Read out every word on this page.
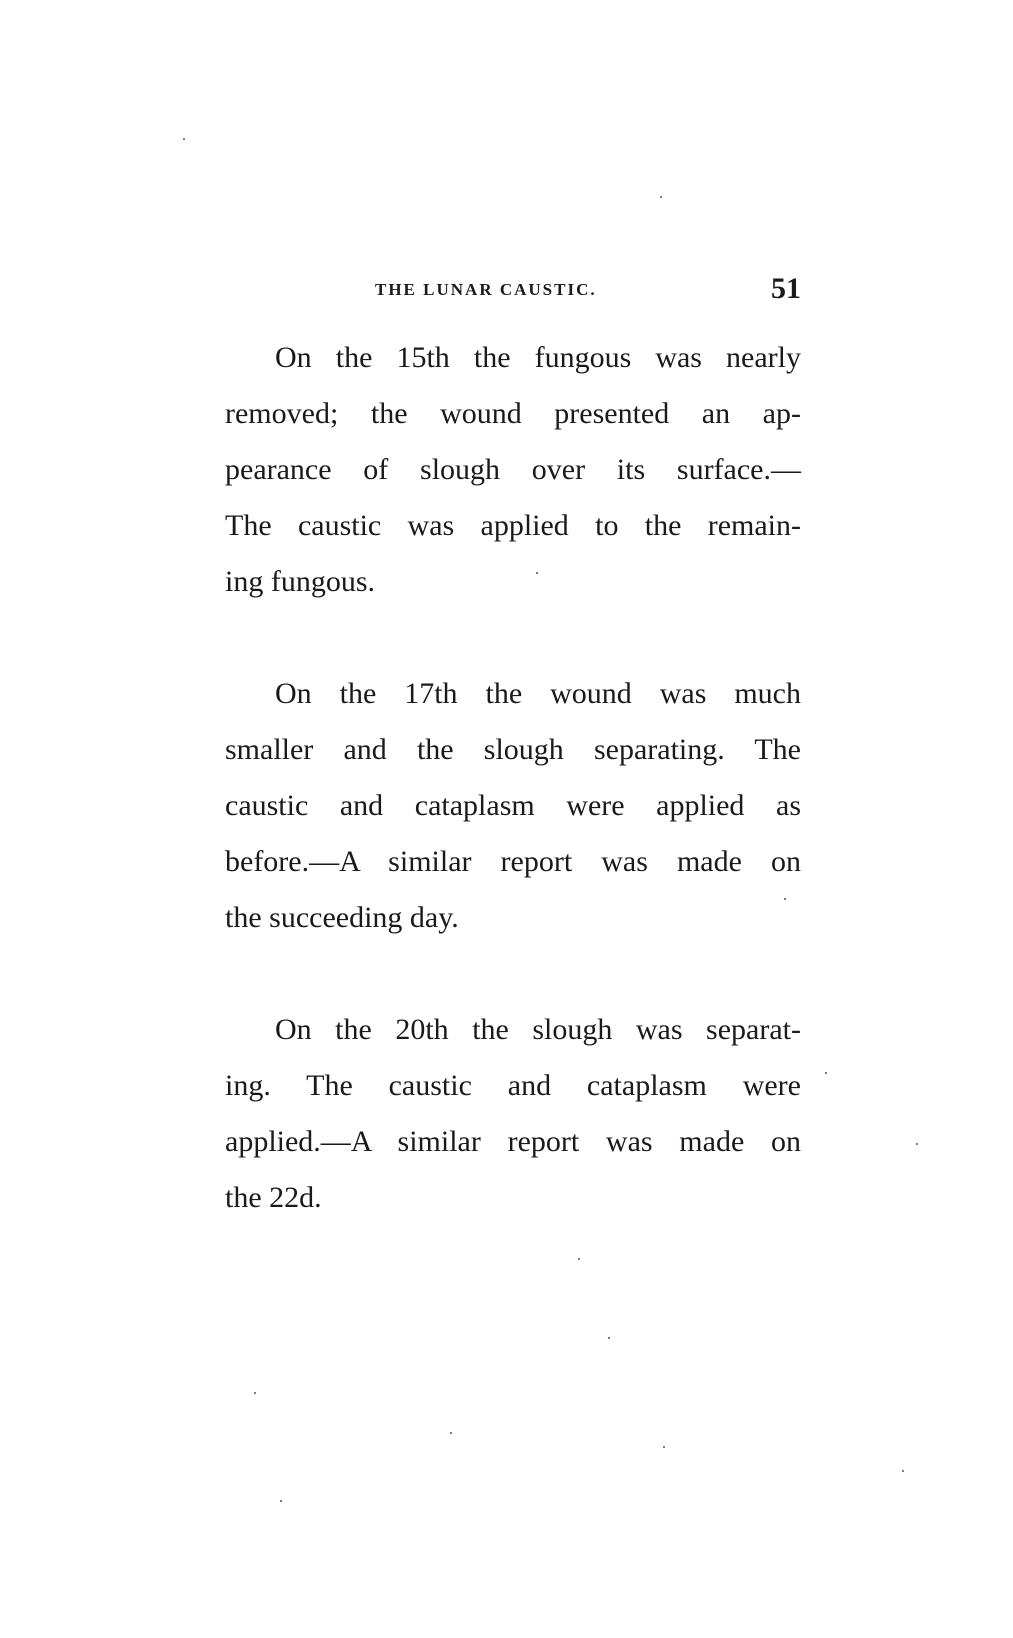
THE LUNAR CAUSTIC.	51

On the 15th the fungous was nearly
removed; the wound presented an ap-
pearance of slough over its surface.—
The caustic was applied to the remain-
ing fungous.

On the 17th the wound was much
smaller and the slough separating. The
caustic and cataplasm were applied as
before.—A similar report was made on
the succeeding day.

On the 20th the slough was separat-
ing. The caustic and cataplasm were
applied.—A similar report was made on
the 22d.
